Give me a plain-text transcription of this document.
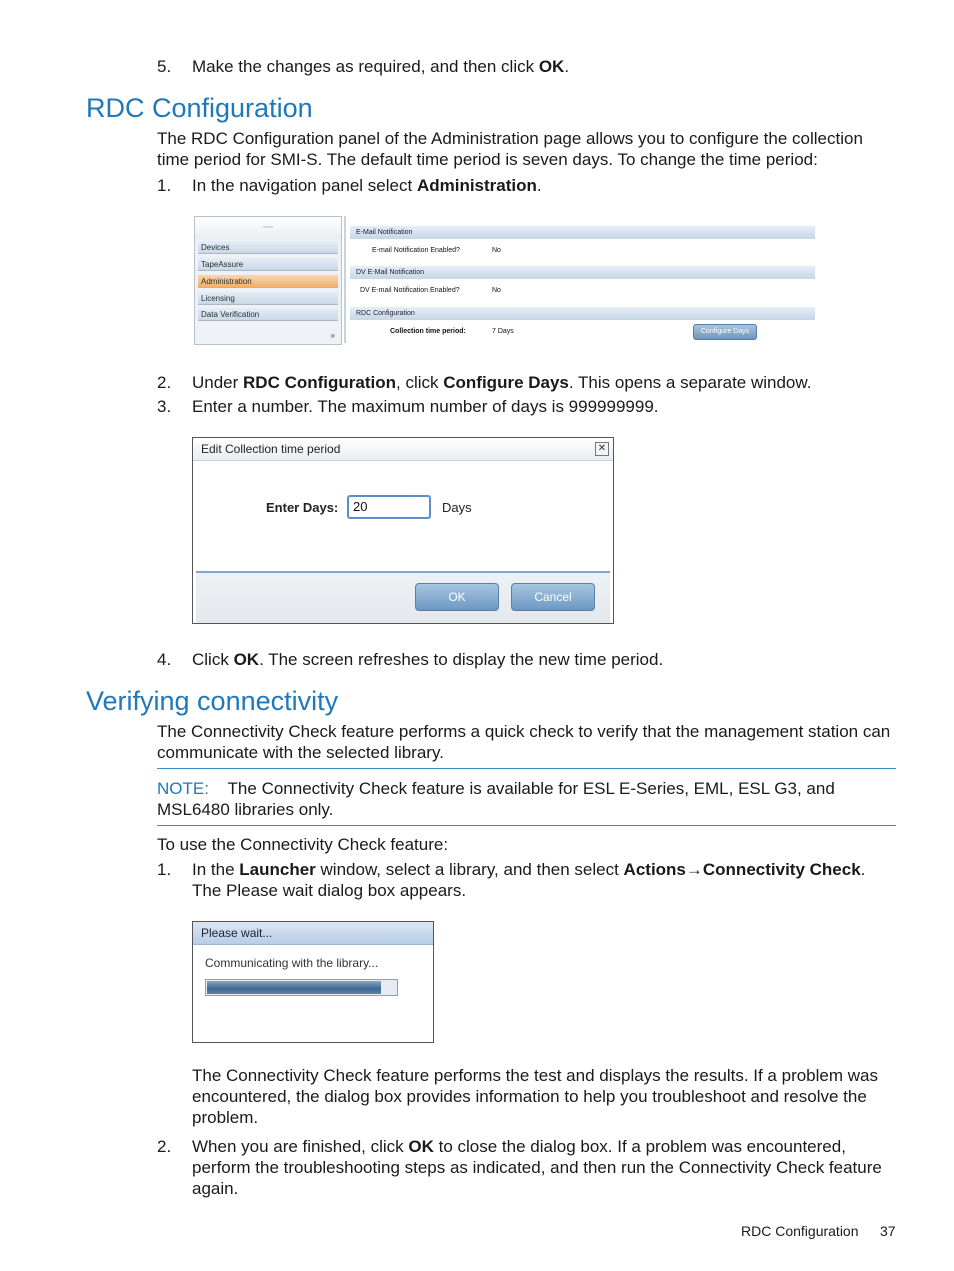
5. Make the changes as required, and then click OK.

RDC Configuration

The RDC Configuration panel of the Administration page allows you to configure the collection time period for SMI-S. The default time period is seven days. To change the time period:

1. In the navigation panel select Administration.

◦◦◦◦
Devices
TapeAssure
Administration
Licensing
Data Verification
»
E-Mail Notification
E-mail Notification Enabled?	No
DV E-Mail Notification
DV E-mail Notification Enabled?	No
RDC Configuration
Collection time period:	7 Days	Configure Days
2. Under RDC Configuration, click Configure Days. This opens a separate window.

3. Enter a number. The maximum number of days is 999999999.

Edit Collection time period	✕
Enter Days:	20	Days
OK	Cancel
4. Click OK. The screen refreshes to display the new time period.

Verifying connectivity

The Connectivity Check feature performs a quick check to verify that the management station can communicate with the selected library.

NOTE: The Connectivity Check feature is available for ESL E-Series, EML, ESL G3, and MSL6480 libraries only.

To use the Connectivity Check feature:

1. In the Launcher window, select a library, and then select Actions→Connectivity Check. The Please wait dialog box appears.

Please wait...
Communicating with the library...

The Connectivity Check feature performs the test and displays the results. If a problem was encountered, the dialog box provides information to help you troubleshoot and resolve the problem.

2. When you are finished, click OK to close the dialog box. If a problem was encountered, perform the troubleshooting steps as indicated, and then run the Connectivity Check feature again.

RDC Configuration 37
